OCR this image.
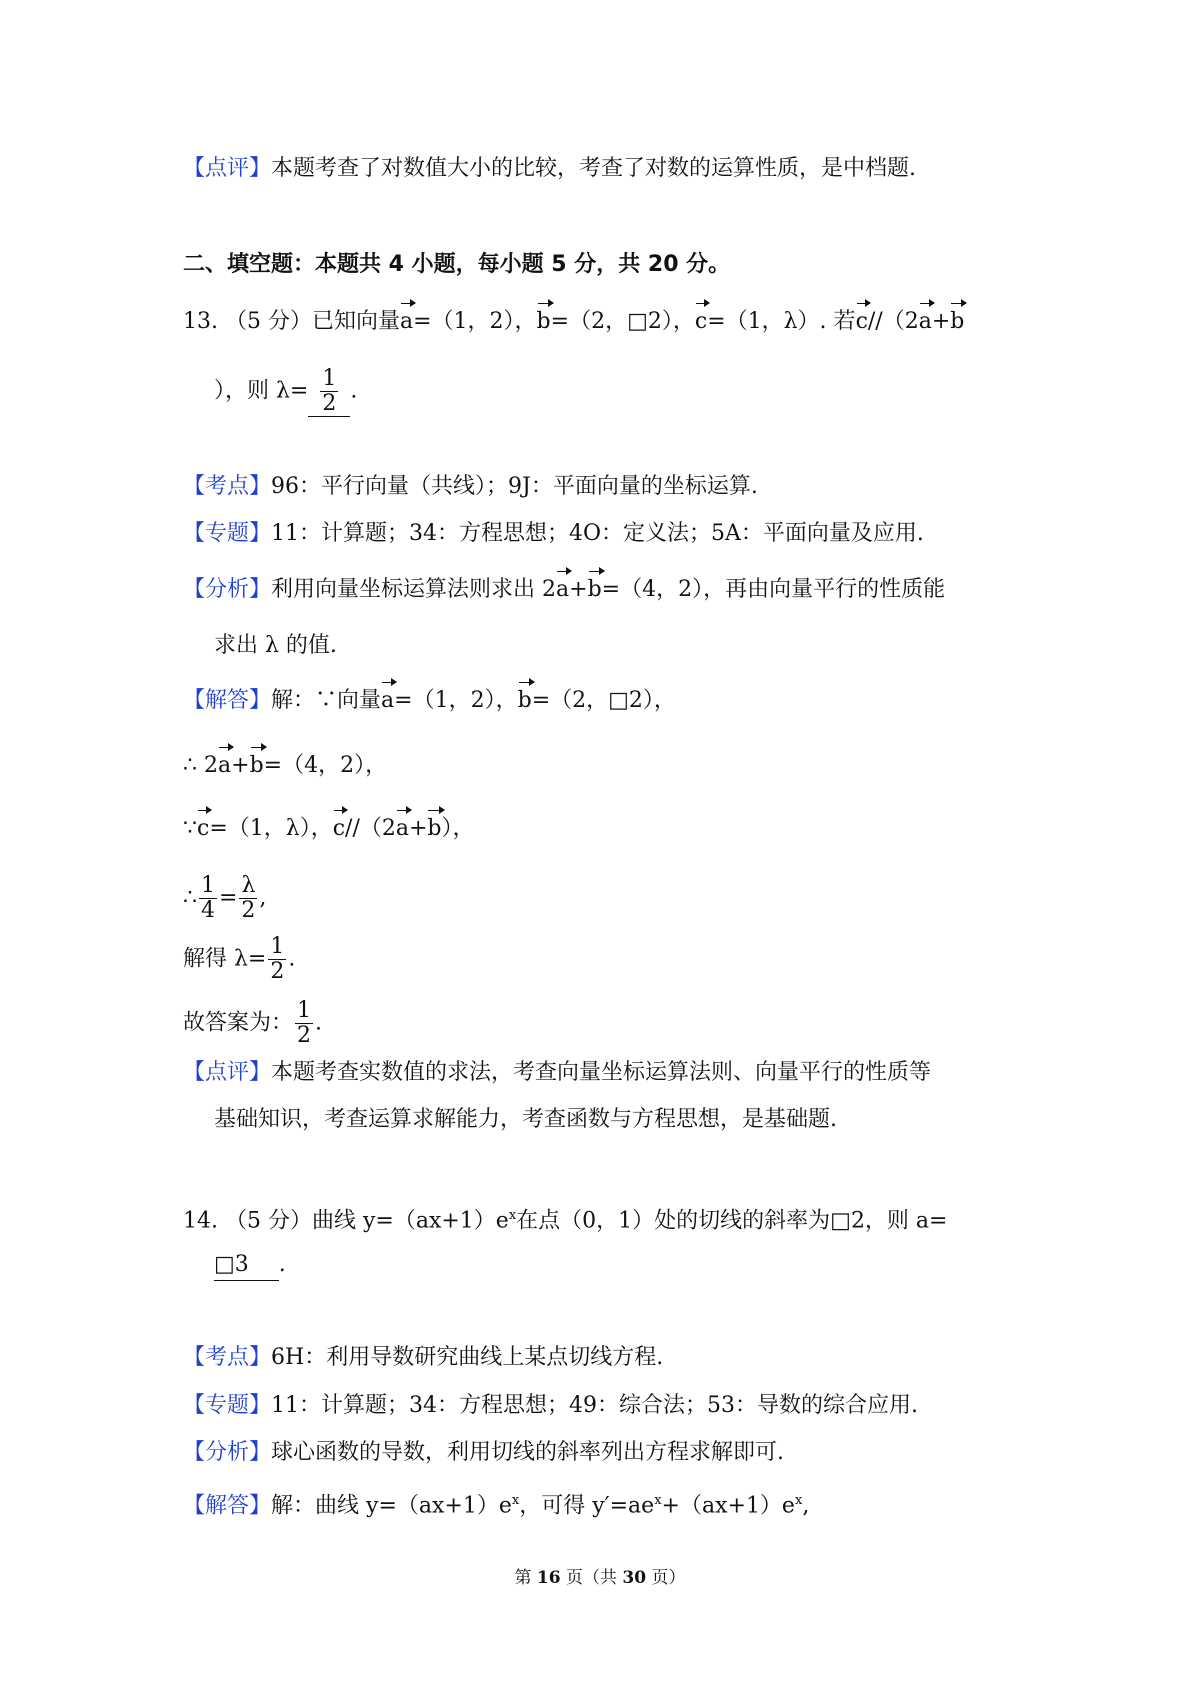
【点评】本题考查了对数值大小的比较，考查了对数的运算性质，是中档题.
二、填空题：本题共 4 小题，每小题 5 分，共 20 分。
13. （5 分）已知向量a=（1，2），b=（2，□2），c=（1，λ）. 若c//（2a+b
），则 $\lambda= \frac{1}{2}$ .
【考点】96：平行向量（共线）；9J：平面向量的坐标运算.
【专题】11：计算题；34：方程思想；4O：定义法；5A：平面向量及应用.
【分析】利用向量坐标运算法则求出 2a+b=（4，2），再由向量平行的性质能
求出 λ 的值.
【解答】解：∵向量a=（1，2），b=（2，□2），
∴ 2a+b=（4，2），
∵c=（1，λ），c//（2a+b），
∴ $\frac{1}{4} = \frac{\lambda}{2}$ ,
解得 $\lambda= \frac{1}{2}$ .
故答案为： $\frac{1}{2}$ .
【点评】本题考查实数值的求法，考查向量坐标运算法则、向量平行的性质等
基础知识，考查运算求解能力，考查函数与方程思想，是基础题.
14. （5 分）曲线 $y=(ax+1)e^x$在点（0，1）处的切线的斜率为□2，则 a=
□3 .
【考点】6H：利用导数研究曲线上某点切线方程.
【专题】11：计算题；34：方程思想；49：综合法；53：导数的综合应用.
【分析】球心函数的导数，利用切线的斜率列出方程求解即可.
【解答】解：曲线 $y=(ax+1)e^x$，可得 $y'=ae^x+(ax+1)e^x$,
第 16 页（共 30 页）
